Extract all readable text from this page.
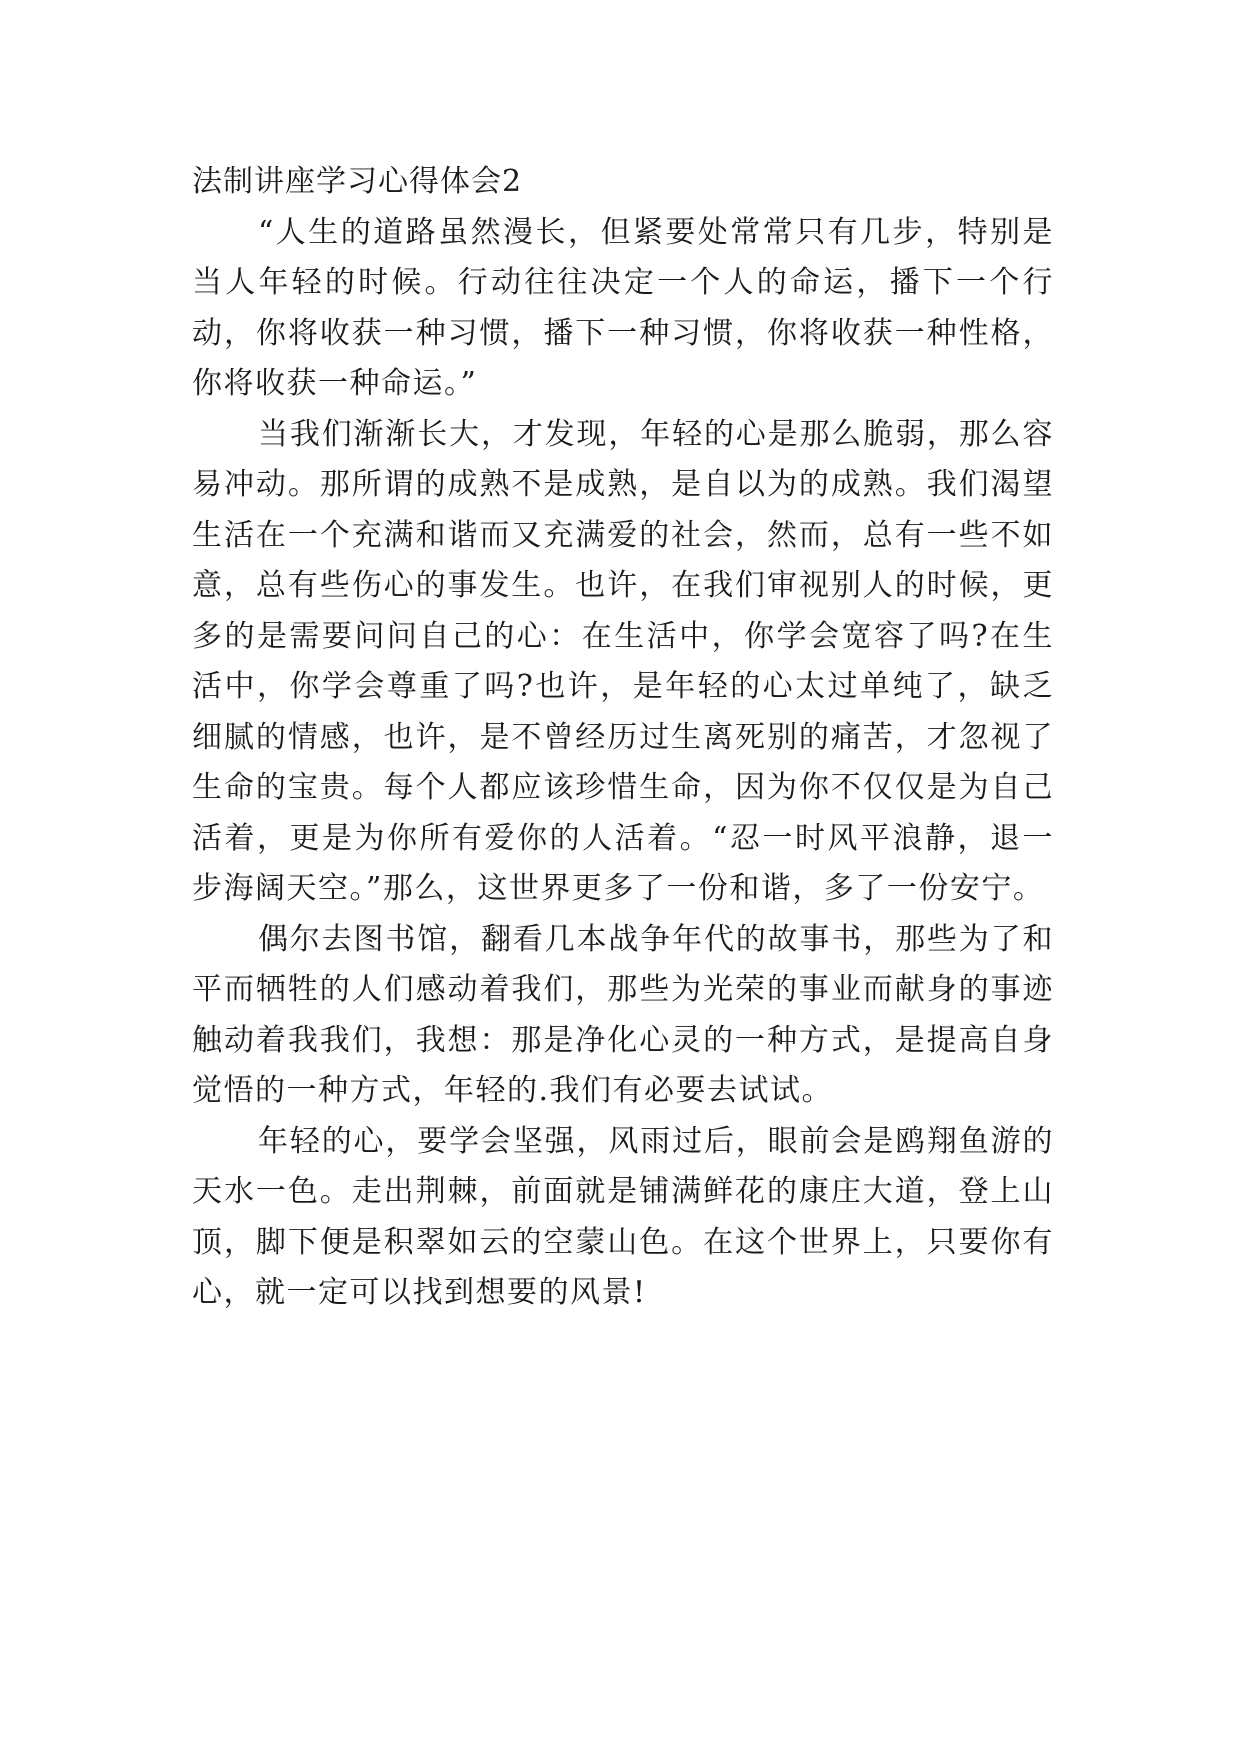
法制讲座学习心得体会2

“人生的道路虽然漫长，但紧要处常常只有几步，特别是当人年轻的时候。行动往往决定一个人的命运，播下一个行动，你将收获一种习惯，播下一种习惯，你将收获一种性格，你将收获一种命运。”

当我们渐渐长大，才发现，年轻的心是那么脆弱，那么容易冲动。那所谓的成熟不是成熟，是自以为的成熟。我们渴望生活在一个充满和谐而又充满爱的社会，然而，总有一些不如意，总有些伤心的事发生。也许，在我们审视别人的时候，更多的是需要问问自己的心：在生活中，你学会宽容了吗?在生活中，你学会尊重了吗?也许，是年轻的心太过单纯了，缺乏细腻的情感，也许，是不曾经历过生离死别的痛苦，才忽视了生命的宝贵。每个人都应该珍惜生命，因为你不仅仅是为自己活着，更是为你所有爱你的人活着。“忍一时风平浪静，退一步海阔天空。”那么，这世界更多了一份和谐，多了一份安宁。

偶尔去图书馆，翻看几本战争年代的故事书，那些为了和平而牺牲的人们感动着我们，那些为光荣的事业而献身的事迹触动着我我们，我想：那是净化心灵的一种方式，是提高自身觉悟的一种方式，年轻的.我们有必要去试试。

年轻的心，要学会坚强，风雨过后，眼前会是鸥翔鱼游的天水一色。走出荆棘，前面就是铺满鲜花的康庄大道，登上山顶，脚下便是积翠如云的空蒙山色。在这个世界上，只要你有心，就一定可以找到想要的风景!
